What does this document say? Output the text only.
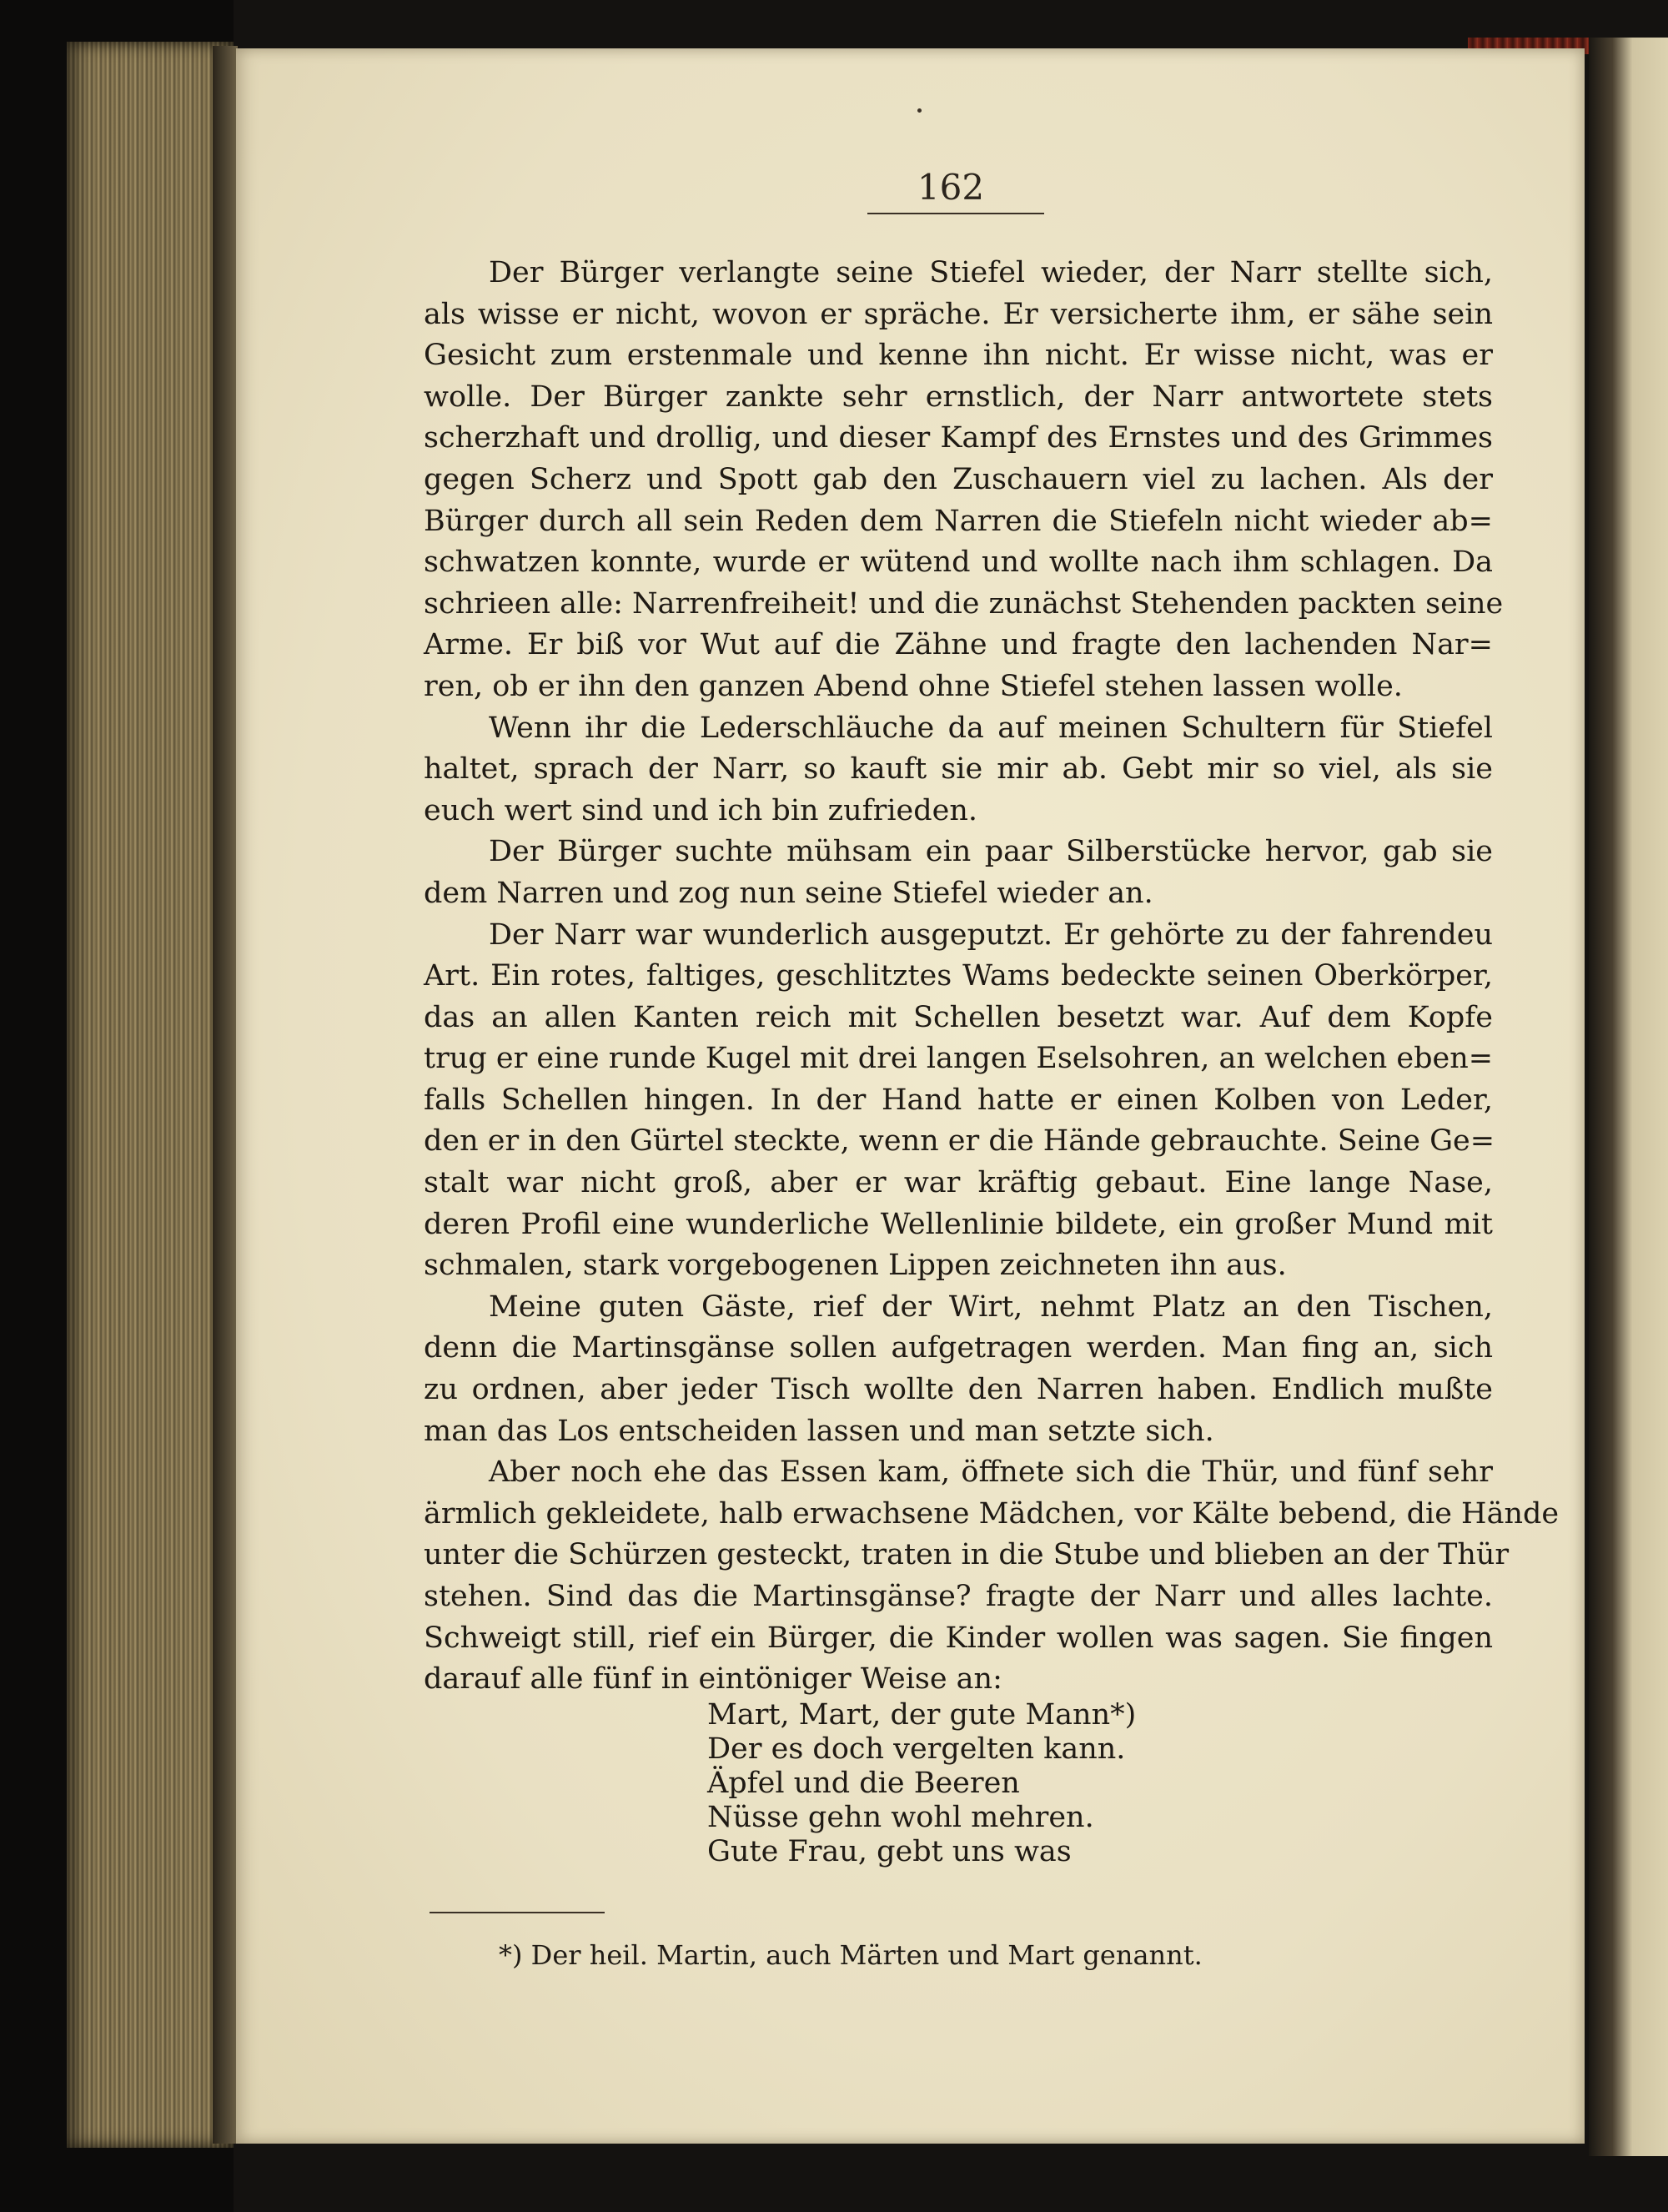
162
Der Bürger verlangte seine Stiefel wieder, der Narr stellte sich,
als wisse er nicht, wovon er spräche. Er versicherte ihm, er sähe sein
Gesicht zum erstenmale und kenne ihn nicht. Er wisse nicht, was er
wolle. Der Bürger zankte sehr ernstlich, der Narr antwortete stets
scherzhaft und drollig, und dieser Kampf des Ernstes und des Grimmes
gegen Scherz und Spott gab den Zuschauern viel zu lachen. Als der
Bürger durch all sein Reden dem Narren die Stiefeln nicht wieder ab=
schwatzen konnte, wurde er wütend und wollte nach ihm schlagen. Da
schrieen alle: Narrenfreiheit! und die zunächst Stehenden packten seine
Arme. Er biß vor Wut auf die Zähne und fragte den lachenden Nar=
ren, ob er ihn den ganzen Abend ohne Stiefel stehen lassen wolle.
Wenn ihr die Lederschläuche da auf meinen Schultern für Stiefel
haltet, sprach der Narr, so kauft sie mir ab. Gebt mir so viel, als sie
euch wert sind und ich bin zufrieden.
Der Bürger suchte mühsam ein paar Silberstücke hervor, gab sie
dem Narren und zog nun seine Stiefel wieder an.
Der Narr war wunderlich ausgeputzt. Er gehörte zu der fahrendeu
Art. Ein rotes, faltiges, geschlitztes Wams bedeckte seinen Oberkörper,
das an allen Kanten reich mit Schellen besetzt war. Auf dem Kopfe
trug er eine runde Kugel mit drei langen Eselsohren, an welchen eben=
falls Schellen hingen. In der Hand hatte er einen Kolben von Leder,
den er in den Gürtel steckte, wenn er die Hände gebrauchte. Seine Ge=
stalt war nicht groß, aber er war kräftig gebaut. Eine lange Nase,
deren Profil eine wunderliche Wellenlinie bildete, ein großer Mund mit
schmalen, stark vorgebogenen Lippen zeichneten ihn aus.
Meine guten Gäste, rief der Wirt, nehmt Platz an den Tischen,
denn die Martinsgänse sollen aufgetragen werden. Man fing an, sich
zu ordnen, aber jeder Tisch wollte den Narren haben. Endlich mußte
man das Los entscheiden lassen und man setzte sich.
Aber noch ehe das Essen kam, öffnete sich die Thür, und fünf sehr
ärmlich gekleidete, halb erwachsene Mädchen, vor Kälte bebend, die Hände
unter die Schürzen gesteckt, traten in die Stube und blieben an der Thür
stehen. Sind das die Martinsgänse? fragte der Narr und alles lachte.
Schweigt still, rief ein Bürger, die Kinder wollen was sagen. Sie fingen
darauf alle fünf in eintöniger Weise an:
Mart, Mart, der gute Mann*)
Der es doch vergelten kann.
Äpfel und die Beeren
Nüsse gehn wohl mehren.
Gute Frau, gebt uns was
*) Der heil. Martin, auch Märten und Mart genannt.
